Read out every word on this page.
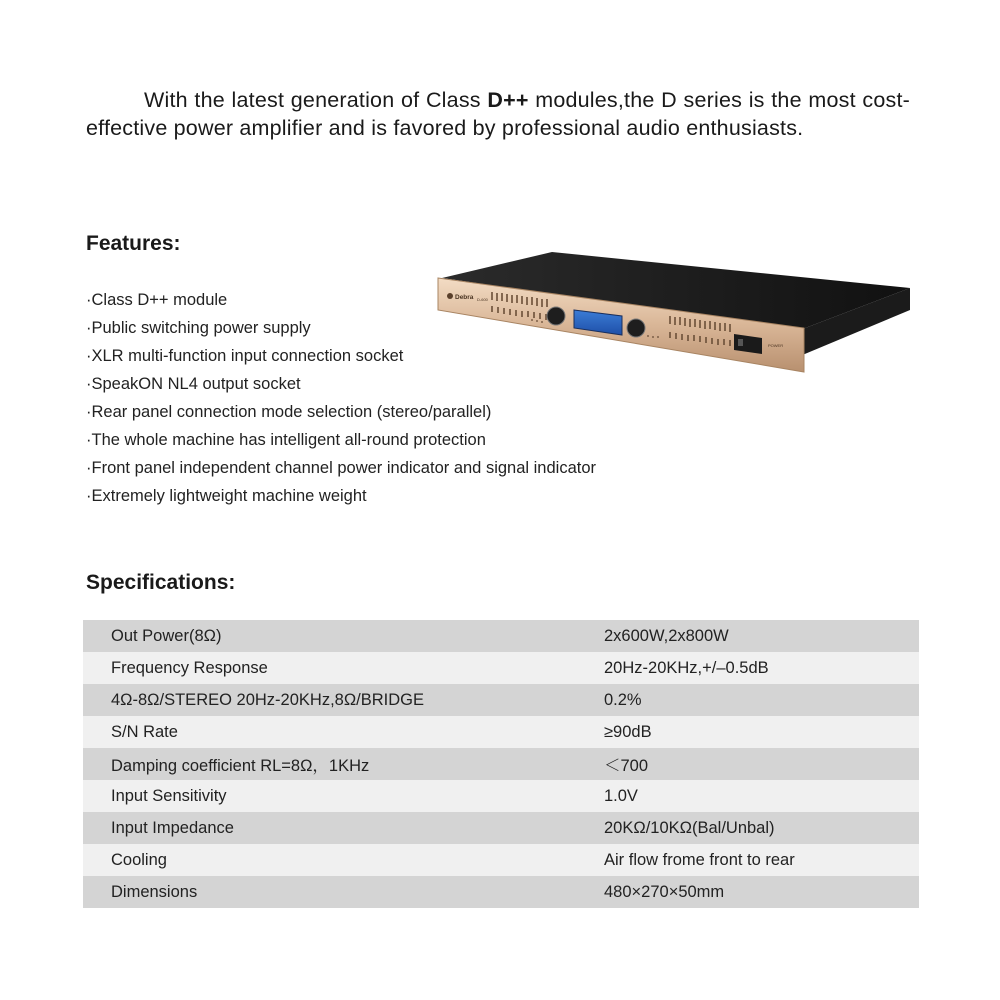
With the latest generation of Class D++ modules,the D series is the most cost-effective power amplifier and is favored by professional audio enthusiasts.

Features:
·Class D++ module
·Public switching power supply
·XLR multi-function input connection socket
·SpeakON NL4 output socket
·Rear panel connection mode selection (stereo/parallel)
·The whole machine has intelligent all-round protection
·Front panel independent channel power indicator and signal indicator
·Extremely lightweight machine weight
Debra D-600
POWER
Specifications:
Out Power(8Ω)	2x600W,2x800W
Frequency Response	20Hz-20KHz,+/–0.5dB
4Ω-8Ω/STEREO 20Hz-20KHz,8Ω/BRIDGE	0.2%
S/N Rate	≥90dB
Damping coefficient RL=8Ω，1KHz	＜700
Input Sensitivity	1.0V
Input Impedance	20KΩ/10KΩ(Bal/Unbal)
Cooling	Air flow frome front to rear
Dimensions	480×270×50mm
